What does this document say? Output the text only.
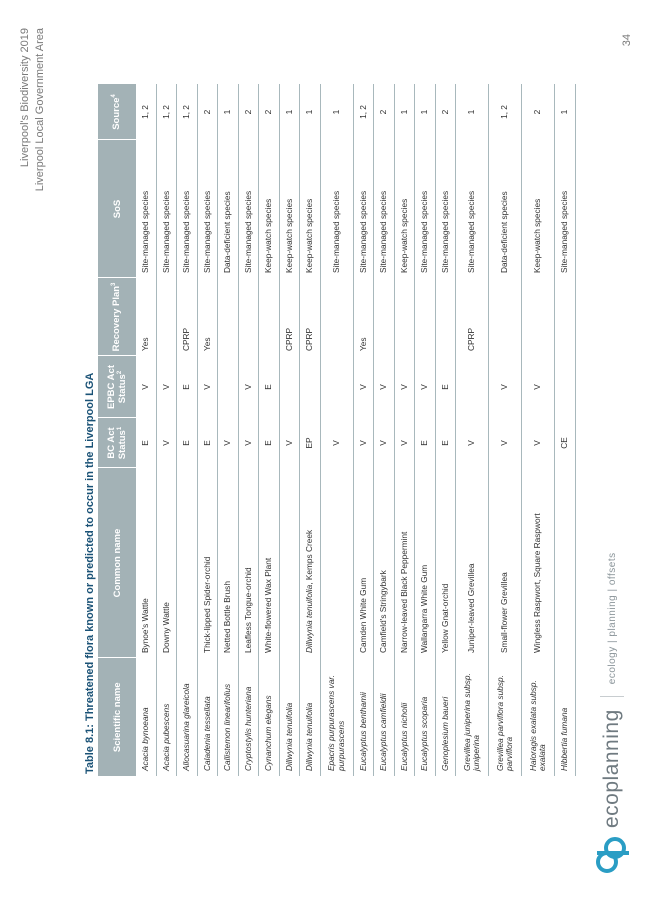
Liverpool's Biodiversity 2019 Liverpool Local Government Area
Table 8.1: Threatened flora known or predicted to occur in the Liverpool LGA Scientific name	Common name	BC Act Status$^1$	EPBC Act Status$^2$	Recovery Plan$^3$	SoS	Source$^4$
Acacia bynoeana	Bynoe's Wattle	E	V	Yes	Site-managed species	1, 2
Acacia pubescens	Downy Wattle	V	V		Site-managed species	1, 2
Allocasuarina glareicola		E	E	CPRP	Site-managed species	1, 2
Caladenia tessellata	Thick-lipped Spider-orchid	E	V	Yes	Site-managed species	2
Callistemon linearifolius	Netted Bottle Brush	V			Data-deficient species	1
Cryptostylis hunteriana	Leafless Tongue-orchid	V	V		Site-managed species	2
Cynanchum elegans	White-flowered Wax Plant	E	E		Keep-watch species	2
Dillwynia tenuifolia		V		CPRP	Keep-watch species	1
Dillwynia tenuifolia	Dillwynia tenuifolia, Kemps Creek	EP		CPRP	Keep-watch species	1
Epacris purpurascens var. purpurascens		V			Site-managed species	1
Eucalyptus benthamii	Camden White Gum	V	V	Yes	Site-managed species	1, 2
Eucalyptus camfieldii	Camfield's Stringybark	V	V		Site-managed species	2
Eucalyptus nicholii	Narrow-leaved Black Peppermint	V	V		Keep-watch species	1
Eucalyptus scoparia	Wallangarra White Gum	E	V		Site-managed species	1
Genoplesium baueri	Yellow Gnat-orchid	E	E		Site-managed species	2
Grevillea juniperina subsp. juniperina	Juniper-leaved Grevillea	V		CPRP	Site-managed species	1
Grevillea parviflora subsp. parviflora	Small-flower Grevillea	V	V		Data-deficient species	1, 2
Haloragis exalata subsp. exalata	Wingless Raspwort, Square Raspwort	V	V		Keep-watch species	2
Hibbertia fumana		CE			Site-managed species	1
ecoplanning
ecology | planning | offsets
34
